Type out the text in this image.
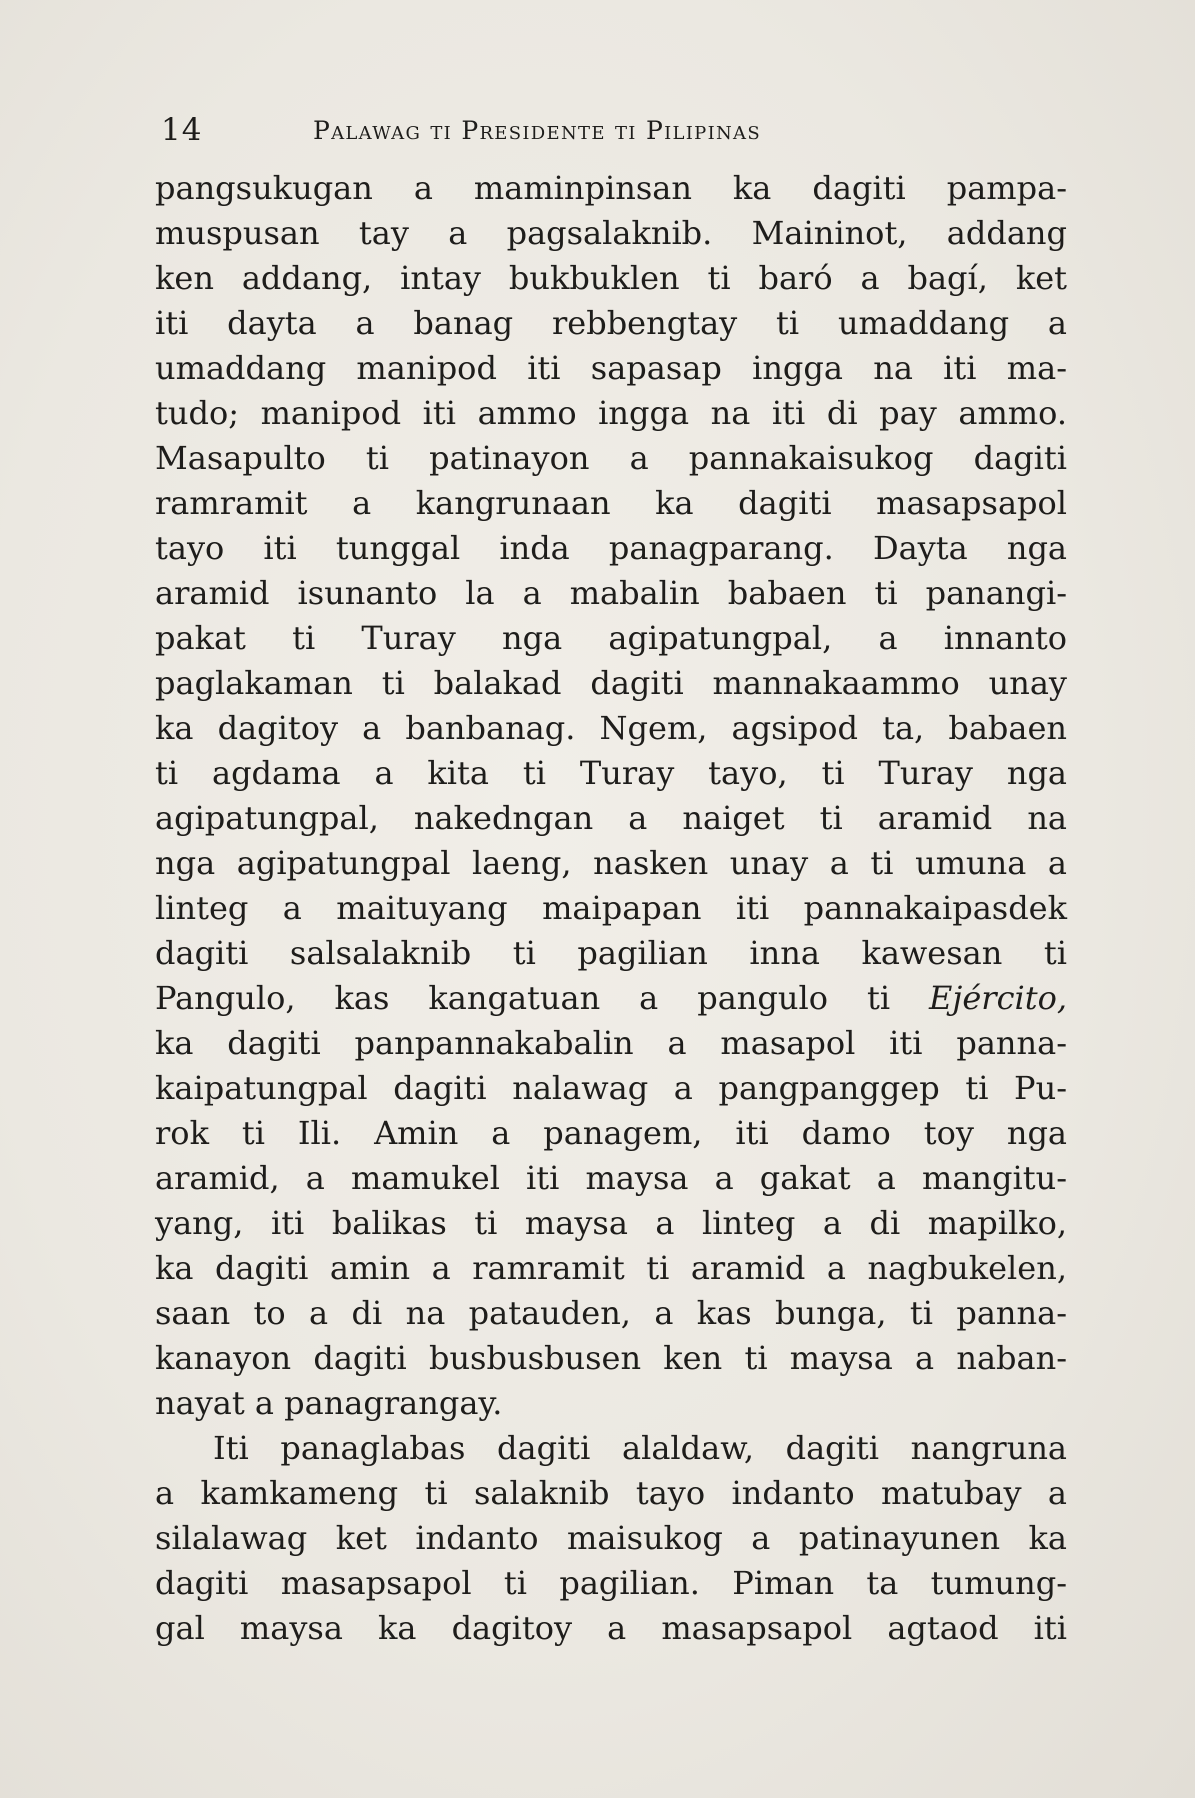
14	Palawag ti Presidente ti Pilipinas
pangsukugan a maminpinsan ka dagiti pampa-
muspusan tay a pagsalaknib. Maininot, addang
ken addang, intay bukbuklen ti baró a bagí, ket
iti dayta a banag rebbengtay ti umaddang a
umaddang manipod iti sapasap ingga na iti ma-
tudo; manipod iti ammo ingga na iti di pay ammo.
Masapulto ti patinayon a pannakaisukog dagiti
ramramit a kangrunaan ka dagiti masapsapol
tayo iti tunggal inda panagparang. Dayta nga
aramid isunanto la a mabalin babaen ti panangi-
pakat ti Turay nga agipatungpal, a innanto
paglakaman ti balakad dagiti mannakaammo unay
ka dagitoy a banbanag. Ngem, agsipod ta, babaen
ti agdama a kita ti Turay tayo, ti Turay nga
agipatungpal, nakedngan a naiget ti aramid na
nga agipatungpal laeng, nasken unay a ti umuna a
linteg a maituyang maipapan iti pannakaipasdek
dagiti salsalaknib ti pagilian inna kawesan ti
Pangulo, kas kangatuan a pangulo ti Ejército,
ka dagiti panpannakabalin a masapol iti panna-
kaipatungpal dagiti nalawag a pangpanggep ti Pu-
rok ti Ili. Amin a panagem, iti damo toy nga
aramid, a mamukel iti maysa a gakat a mangitu-
yang, iti balikas ti maysa a linteg a di mapilko,
ka dagiti amin a ramramit ti aramid a nagbukelen,
saan to a di na patauden, a kas bunga, ti panna-
kanayon dagiti busbusbusen ken ti maysa a naban-
nayat a panagrangay.
Iti panaglabas dagiti alaldaw, dagiti nangruna
a kamkameng ti salaknib tayo indanto matubay a
silalawag ket indanto maisukog a patinayunen ka
dagiti masapsapol ti pagilian. Piman ta tumung-
gal maysa ka dagitoy a masapsapol agtaod iti
